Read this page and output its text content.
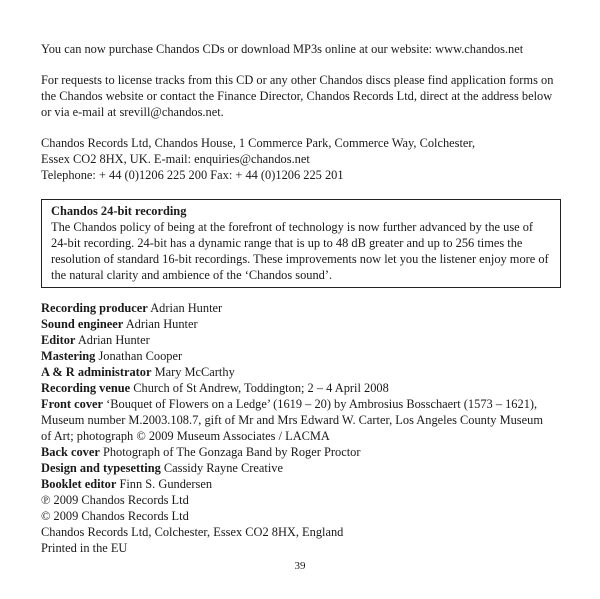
You can now purchase Chandos CDs or download MP3s online at our website: www.chandos.net

For requests to license tracks from this CD or any other Chandos discs please find application forms on
the Chandos website or contact the Finance Director, Chandos Records Ltd, direct at the address below
or via e-mail at srevill@chandos.net.
Chandos Records Ltd, Chandos House, 1 Commerce Park, Commerce Way, Colchester,
Essex CO2 8HX, UK. E-mail: enquiries@chandos.net
Telephone: + 44 (0)1206 225 200 Fax: + 44 (0)1206 225 201
Chandos 24-bit recording
The Chandos policy of being at the forefront of technology is now further advanced by the use of
24-bit recording. 24-bit has a dynamic range that is up to 48 dB greater and up to 256 times the
resolution of standard 16-bit recordings. These improvements now let you the listener enjoy more of
the natural clarity and ambience of the ‘Chandos sound’.
Recording producer Adrian Hunter
Sound engineer Adrian Hunter
Editor Adrian Hunter
Mastering Jonathan Cooper
A & R administrator Mary McCarthy
Recording venue Church of St Andrew, Toddington; 2 – 4 April 2008
Front cover ‘Bouquet of Flowers on a Ledge’ (1619 – 20) by Ambrosius Bosschaert (1573 – 1621),
Museum number M.2003.108.7, gift of Mr and Mrs Edward W. Carter, Los Angeles County Museum
of Art; photograph © 2009 Museum Associates / LACMA
Back cover Photograph of The Gonzaga Band by Roger Proctor
Design and typesetting Cassidy Rayne Creative
Booklet editor Finn S. Gundersen
℗ 2009 Chandos Records Ltd
© 2009 Chandos Records Ltd
Chandos Records Ltd, Colchester, Essex CO2 8HX, England
Printed in the EU
39
